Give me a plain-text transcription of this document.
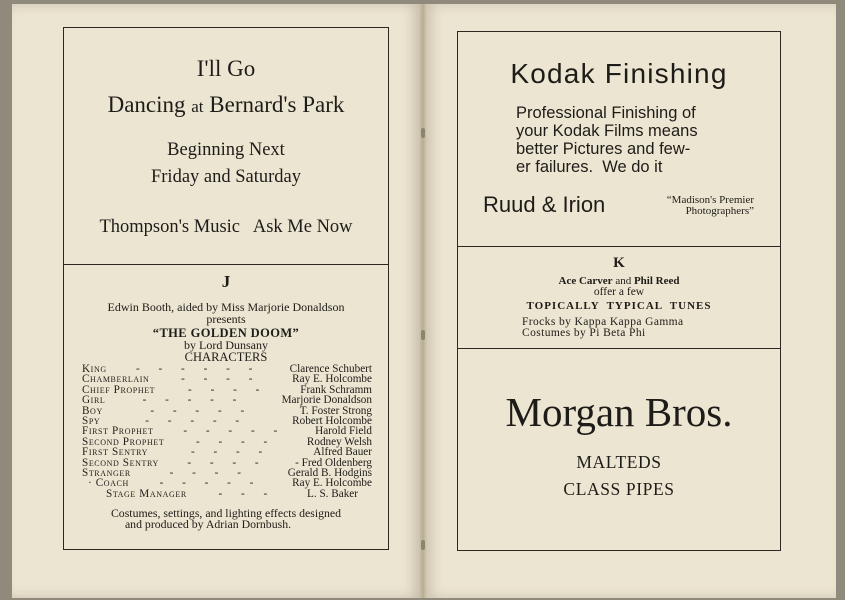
I'll Go
Dancing at Bernard's Park
Beginning Next
Friday and Saturday
Thompson's Music   Ask Me Now
J
Edwin Booth, aided by Miss Marjorie Donaldson
presents
“THE GOLDEN DOOM”
by Lord Dunsany
CHARACTERS
King	- - - - - -	Clarence Schubert
Chamberlain	- - - -	Ray E. Holcombe
Chief Prophet	- - - -	Frank Schramm
Girl	- - - - -	Marjorie Donaldson
Boy	- - - - -	T. Foster Strong
Spy	- - - - -	Robert Holcombe
First Prophet	- - - - -	Harold Field
Second Prophet	- - - -	Rodney Welsh
First Sentry	- - - -	Alfred Bauer
Second Sentry	- - - -	- Fred Oldenberg
Stranger	- - - -	Gerald B. Hodgins
· Coach	- - - - -	Ray E. Holcombe
Stage Manager	- - -	L. S. Baker
Costumes, settings, and lighting effects designed
and produced by Adrian Dornbush.
Kodak Finishing
Professional Finishing of
your Kodak Films means
better Pictures and few-
er failures.  We do it
Ruud & Irion	“Madison's Premier
Photographers”
K
Ace Carver and Phil Reed
offer a few
TOPICALLY  TYPICAL  TUNES
Frocks by Kappa Kappa Gamma
Costumes by Pi Beta Phi
Morgan Bros.
MALTEDS
CLASS PIPES
